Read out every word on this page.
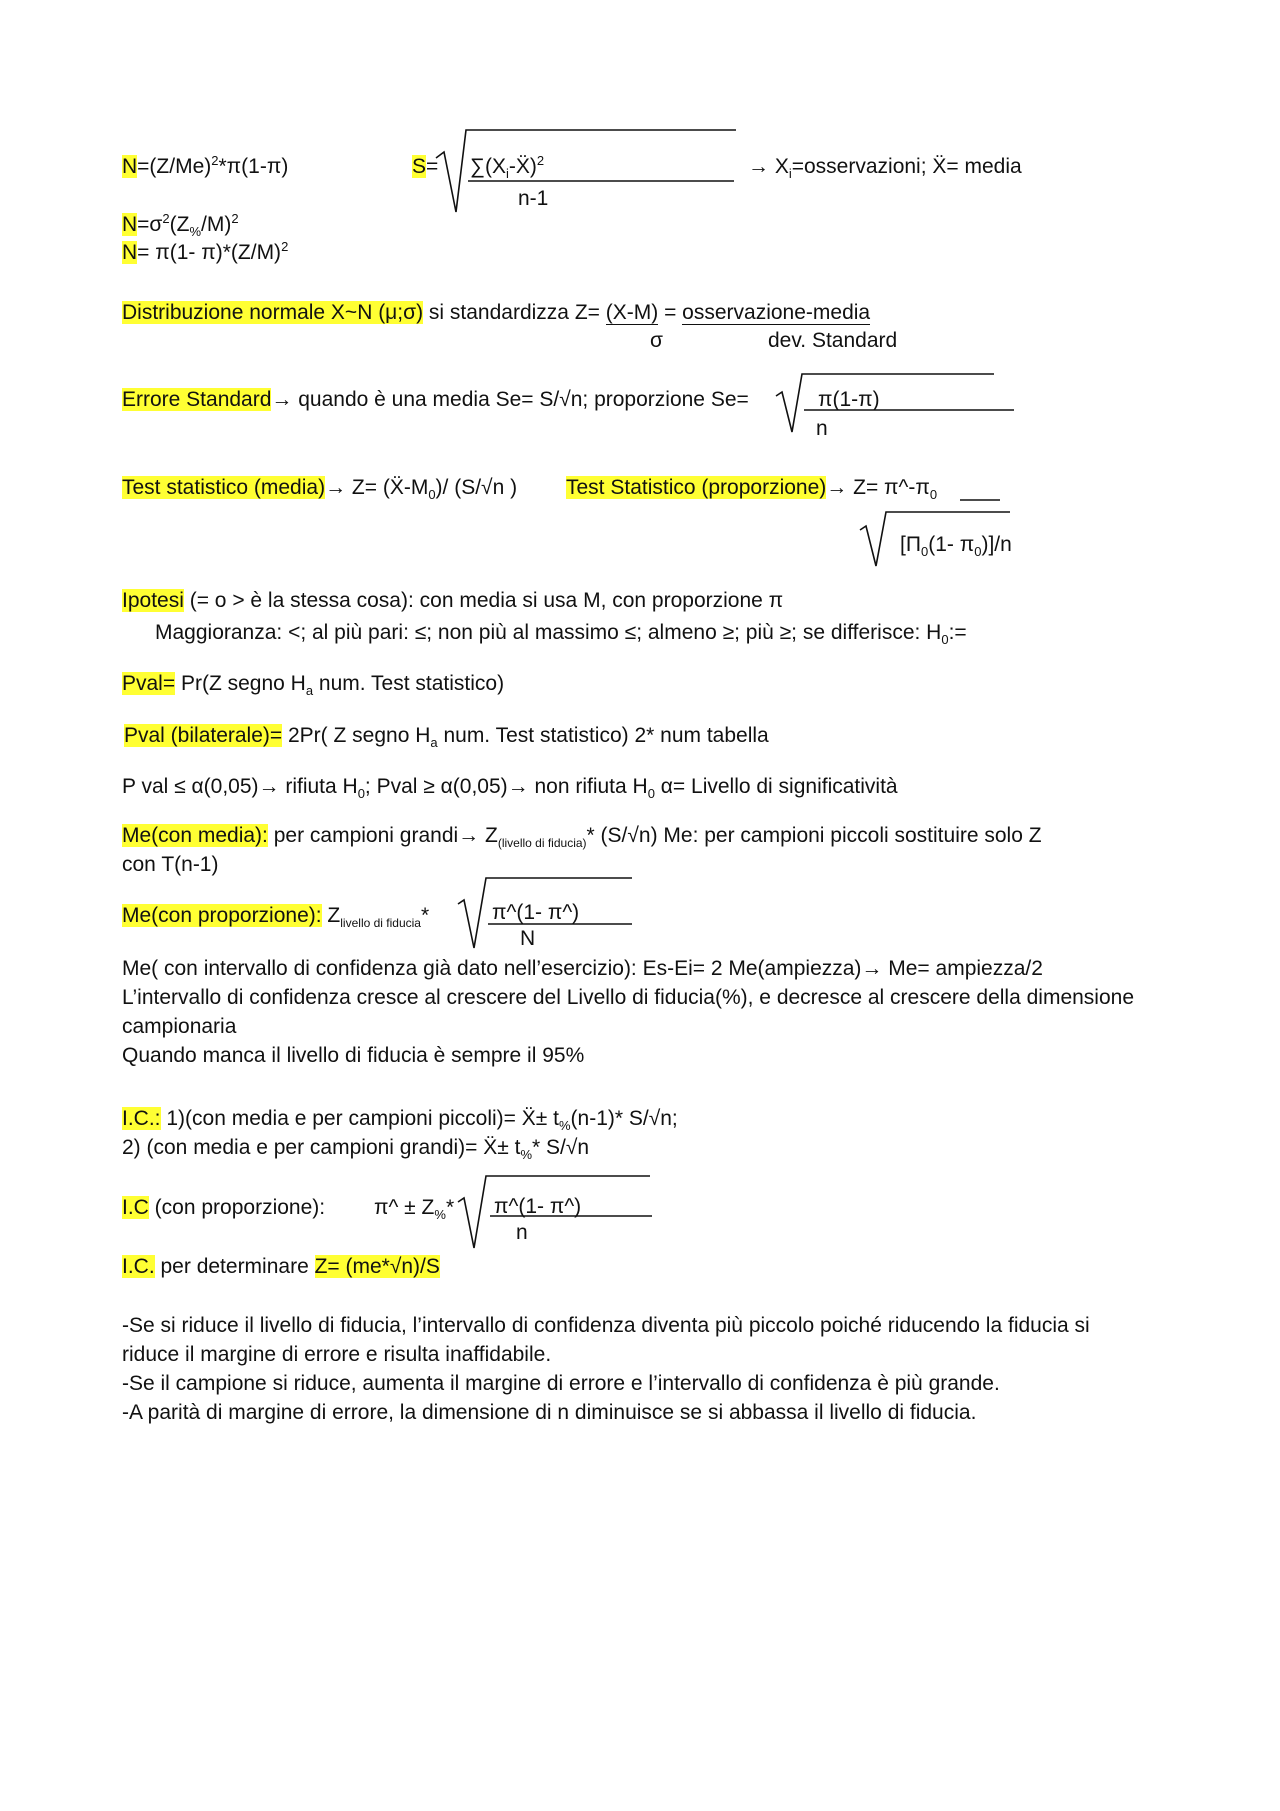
$N=(Z/Me)^2*\pi(1-\pi)$	$S= \sum(X_i-Ẍ)^2$
n-1
→ $X_i=osservazioni$; Ẍ= media
$N=\sigma^2(Z_{\%}/M)^2$
N= π(1- $\pi)*(Z/M)^2$
Distribuzione normale X~N (μ;σ) si standardizza Z= (X-M) = osservazione-media
σ	dev. Standard
Errore Standard→ quando è una media Se= S/√n; proporzione Se=	π(1-π)
n
Test statistico (media)→ $Z= (Ẍ-M_0)/$ (S/√n ) Test Statistico (proporzione)→ $Z= \pi\^{}-\pi_0$
[$\Pi_0(1-$ $\pi_0)]/n$
Ipotesi (= o > è la stessa cosa): con media si usa M, con proporzione π
Maggioranza: <; al più pari: ≤; non più al massimo ≤; almeno ≥; più ≥; se differisce: $H_0:=$
Pval= Pr(Z segno $H_a$ num. Test statistico)
Pval (bilaterale)= 2Pr( Z segno $H_a$ num. Test statistico) 2* num tabella
P val ≤ α(0,05)→ rifiuta $H_0$; Pval ≥ α(0,05)→ non rifiuta $H_0$ α= Livello di significatività
Me(con media): per campioni grandi→ $Z_{(livello di fiducia)}*$ (S/√n) Me: per campioni piccoli sostituire solo Z
con T(n-1)
Me(con proporzione): $Z_{livello di fiducia}*$	π^(1- π^)
N
Me( con intervallo di confidenza già dato nell’esercizio): Es-Ei= 2 Me(ampiezza)→ Me= ampiezza/2
L’intervallo di confidenza cresce al crescere del Livello di fiducia(%), e decresce al crescere della dimensione
campionaria
Quando manca il livello di fiducia è sempre il 95%
I.C.: 1)(con media e per campioni piccoli)= Ẍ± $t_{\%}(n-1)*$ S/√n;
2) (con media e per campioni grandi)= Ẍ± $t_{\%}*$ S/√n
I.C (con proporzione): π^ ± $Z_{\%}*$ π^(1- π^)
n
I.C. per determinare Z= (me*√n)/S
-Se si riduce il livello di fiducia, l’intervallo di confidenza diventa più piccolo poiché riducendo la fiducia si
riduce il margine di errore e risulta inaffidabile.
-Se il campione si riduce, aumenta il margine di errore e l’intervallo di confidenza è più grande.
-A parità di margine di errore, la dimensione di n diminuisce se si abbassa il livello di fiducia.
